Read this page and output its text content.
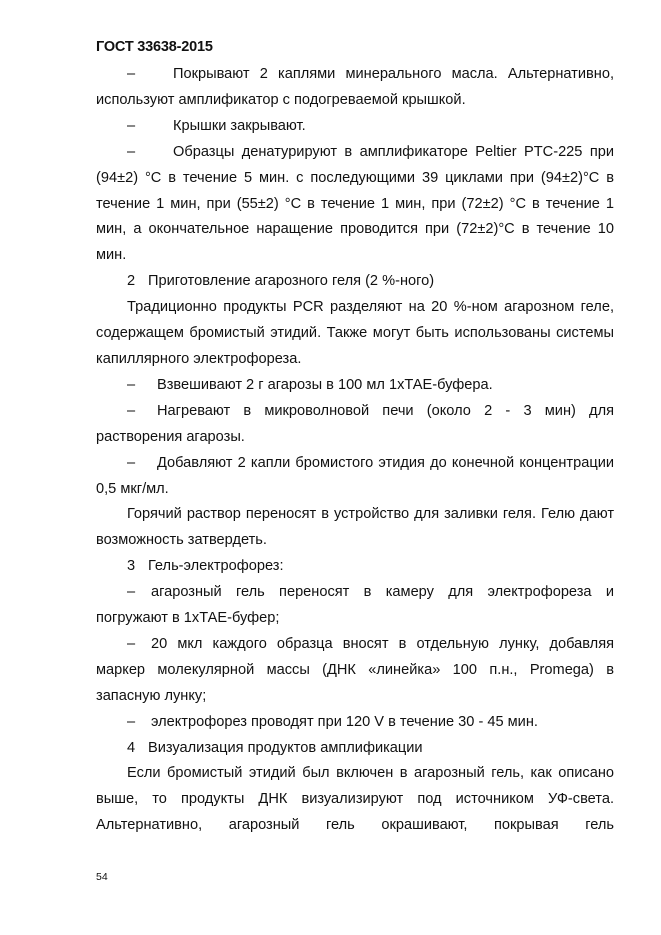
ГОСТ 33638-2015

–	Покрывают 2 каплями минерального масла. Альтернативно, используют амплификатор с подогреваемой крышкой.

–	Крышки закрывают.

–	Образцы денатурируют в амплификаторе Peltier PTC-225 при (94±2) °С в течение 5 мин. с последующими 39 циклами при (94±2)°С в течение 1 мин, при (55±2) °С в течение 1 мин, при (72±2) °С в течение 1 мин, а окончательное наращение проводится при (72±2)°С в течение 10 мин.

2 Приготовление агарозного геля (2 %-ного)

Традиционно продукты PCR разделяют на 20 %-ном агарозном геле, содержащем бромистый этидий. Также могут быть использованы системы капиллярного электрофореза.

– Взвешивают 2 г агарозы в 100 мл 1хТАЕ-буфера.

– Нагревают в микроволновой печи (около 2 - 3 мин) для растворения агарозы.

– Добавляют 2 капли бромистого этидия до конечной концентрации 0,5 мкг/мл.

Горячий раствор переносят в устройство для заливки геля. Гелю дают возможность затвердеть.

3 Гель-электрофорез:

– агарозный гель переносят в камеру для электрофореза и погружают в 1хТАЕ-буфер;

– 20 мкл каждого образца вносят в отдельную лунку, добавляя маркер молекулярной массы (ДНК «линейка» 100 п.н., Promega) в запасную лунку;

– электрофорез проводят при 120 V в течение 30 - 45 мин.

4 Визуализация продуктов амплификации

Если бромистый этидий был включен в агарозный гель, как описано выше, то продукты ДНК визуализируют под источником УФ-света. Альтернативно, агарозный гель окрашивают, покрывая гель

54
